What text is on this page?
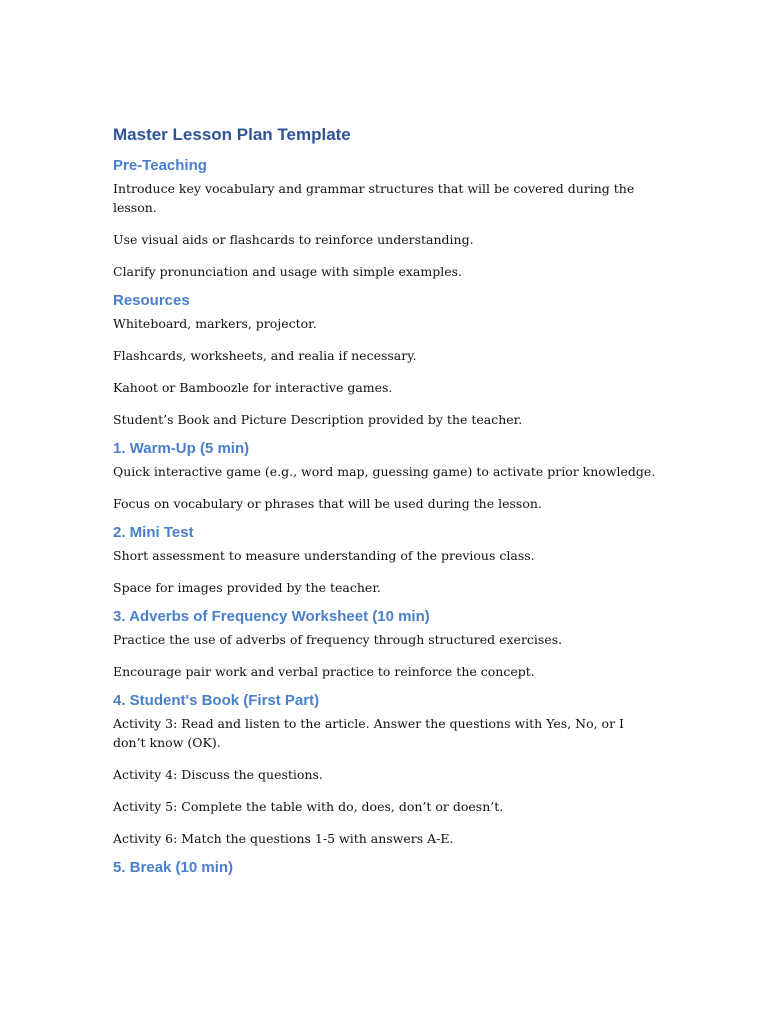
Master Lesson Plan Template
Pre-Teaching

Introduce key vocabulary and grammar structures that will be covered during the lesson.

Use visual aids or flashcards to reinforce understanding.

Clarify pronunciation and usage with simple examples.

Resources

Whiteboard, markers, projector.

Flashcards, worksheets, and realia if necessary.

Kahoot or Bamboozle for interactive games.

Student’s Book and Picture Description provided by the teacher.

1. Warm-Up (5 min)

Quick interactive game (e.g., word map, guessing game) to activate prior knowledge.

Focus on vocabulary or phrases that will be used during the lesson.

2. Mini Test

Short assessment to measure understanding of the previous class.

Space for images provided by the teacher.

3. Adverbs of Frequency Worksheet (10 min)

Practice the use of adverbs of frequency through structured exercises.

Encourage pair work and verbal practice to reinforce the concept.

4. Student's Book (First Part)

Activity 3: Read and listen to the article. Answer the questions with Yes, No, or I don’t know (OK).

Activity 4: Discuss the questions.

Activity 5: Complete the table with do, does, don’t or doesn’t.

Activity 6: Match the questions 1-5 with answers A-E.

5. Break (10 min)
